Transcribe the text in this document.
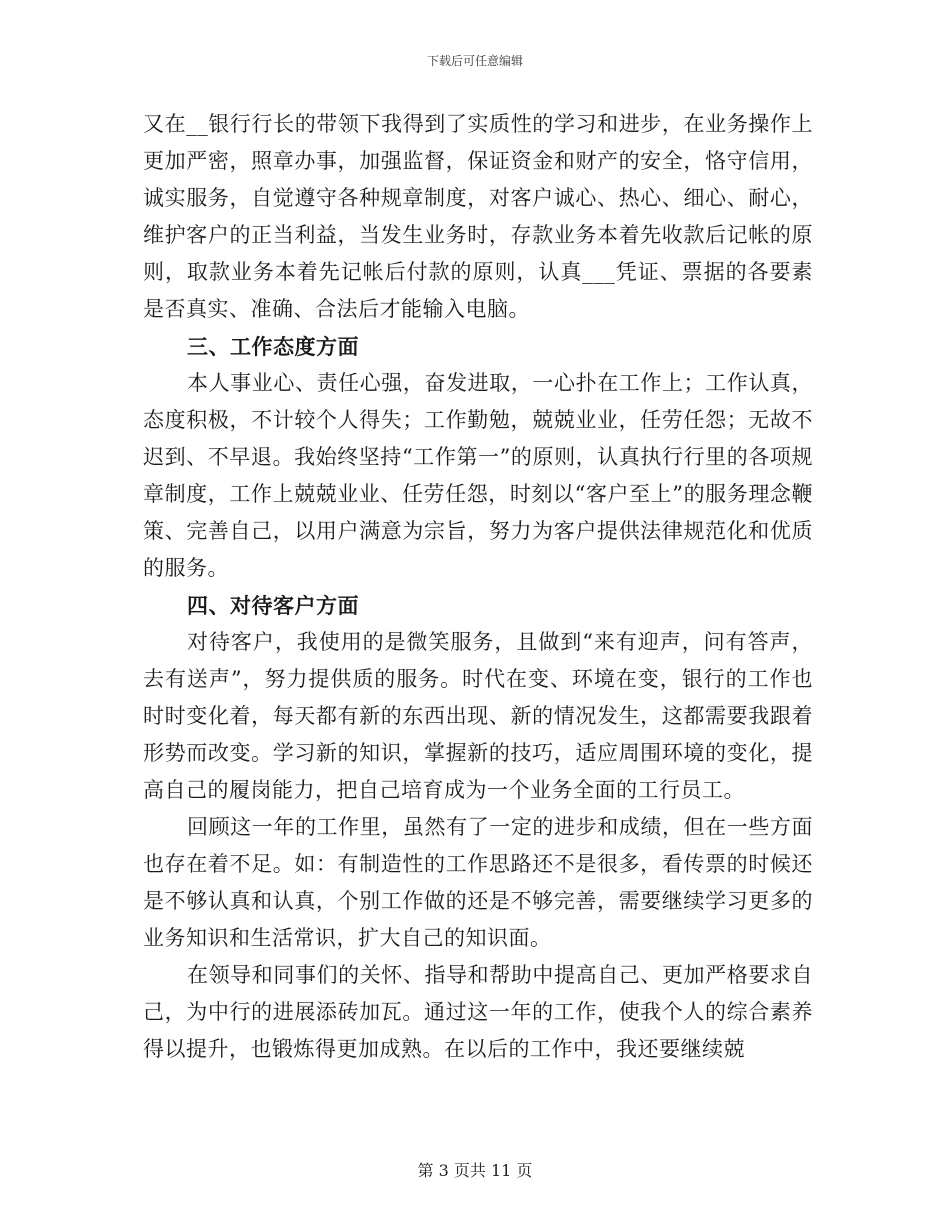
下载后可任意编辑

又在__银行行长的带领下我得到了实质性的学习和进步，在业务操作上更加严密，照章办事，加强监督，保证资金和财产的安全，恪守信用，诚实服务，自觉遵守各种规章制度，对客户诚心、热心、细心、耐心，维护客户的正当利益，当发生业务时，存款业务本着先收款后记帐的原则，取款业务本着先记帐后付款的原则，认真___凭证、票据的各要素是否真实、准确、合法后才能输入电脑。

三、工作态度方面

本人事业心、责任心强，奋发进取，一心扑在工作上；工作认真，态度积极，不计较个人得失；工作勤勉，兢兢业业，任劳任怨；无故不迟到、不早退。我始终坚持“工作第一”的原则，认真执行行里的各项规章制度，工作上兢兢业业、任劳任怨，时刻以“客户至上”的服务理念鞭策、完善自己，以用户满意为宗旨，努力为客户提供法律规范化和优质的服务。

四、对待客户方面

对待客户，我使用的是微笑服务，且做到“来有迎声，问有答声，去有送声”，努力提供质的服务。时代在变、环境在变，银行的工作也时时变化着，每天都有新的东西出现、新的情况发生，这都需要我跟着形势而改变。学习新的知识，掌握新的技巧，适应周围环境的变化，提高自己的履岗能力，把自己培育成为一个业务全面的工行员工。

回顾这一年的工作里，虽然有了一定的进步和成绩，但在一些方面也存在着不足。如：有制造性的工作思路还不是很多，看传票的时候还是不够认真和认真，个别工作做的还是不够完善，需要继续学习更多的业务知识和生活常识，扩大自己的知识面。

在领导和同事们的关怀、指导和帮助中提高自己、更加严格要求自己，为中行的进展添砖加瓦。通过这一年的工作，使我个人的综合素养得以提升，也锻炼得更加成熟。在以后的工作中，我还要继续兢

第 3 页共 11 页
